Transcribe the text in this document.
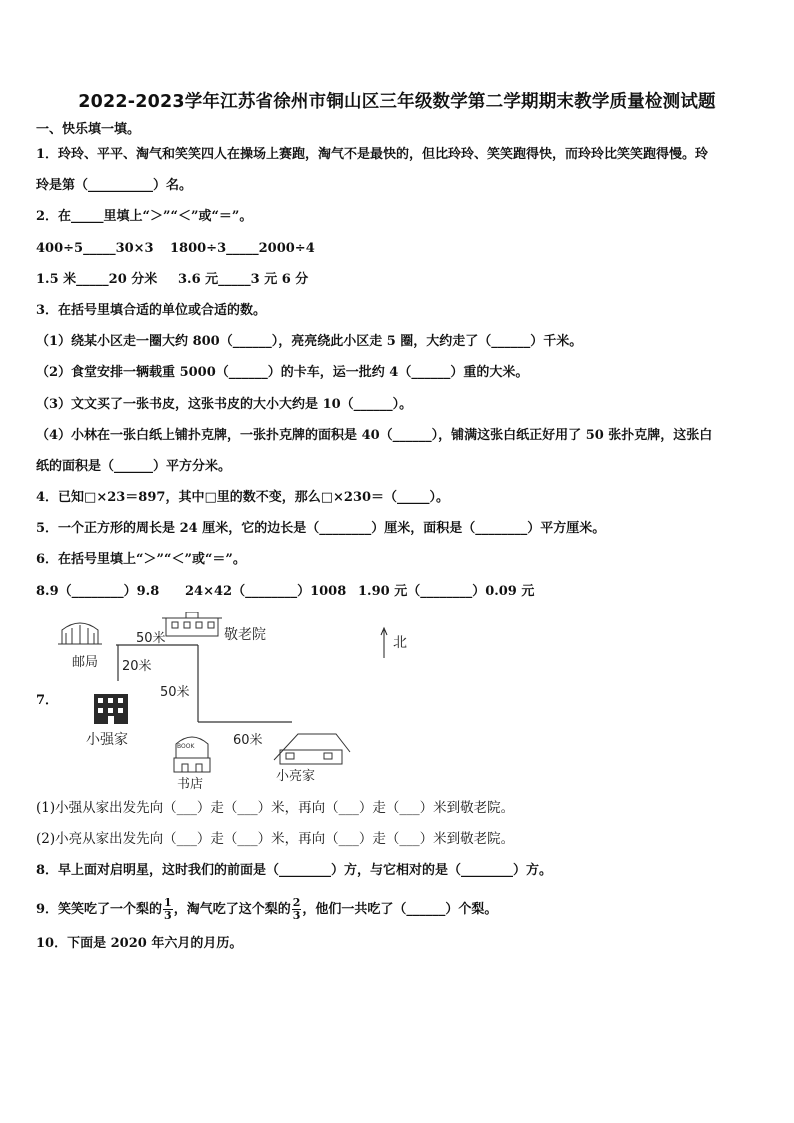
2022-2023学年江苏省徐州市铜山区三年级数学第二学期期末教学质量检测试题
一、快乐填一填。
1．玲玲、平平、淘气和笑笑四人在操场上赛跑，淘气不是最快的，但比玲玲、笑笑跑得快，而玲玲比笑笑跑得慢。玲
玲是第（__________）名。
2．在_____里填上“＞”“＜”或“＝”。
400÷5_____30×3 1800÷3_____2000÷4
1.5 米_____20 分米 3.6 元_____3 元 6 分
3．在括号里填合适的单位或合适的数。
（1）绕某小区走一圈大约 800（______），亮亮绕此小区走 5 圈，大约走了（______）千米。
（2）食堂安排一辆载重 5000（______）的卡车，运一批约 4（______）重的大米。
（3）文文买了一张书皮，这张书皮的大小大约是 10（______）。
（4）小林在一张白纸上铺扑克牌，一张扑克牌的面积是 40（______），铺满这张白纸正好用了 50 张扑克牌，这张白
纸的面积是（______）平方分米。
4．已知□×23＝897，其中□里的数不变，那么□×230＝（_____）。
5．一个正方形的周长是 24 厘米，它的边长是（________）厘米，面积是（________）平方厘米。
6．在括号里填上“＞”“＜”或“＝”。
8.9（________）9.8 24×42（________）1008 1.90 元（________）0.09 元
7．
邮局
敬老院
50米
20米
50米
60米
小强家	BOOK
书店
小亮家
北
(1)小强从家出发先向（___）走（___）米，再向（___）走（___）米到敬老院。
(2)小亮从家出发先向（___）走（___）米，再向（___）走（___）米到敬老院。
8．早上面对启明星，这时我们的前面是（________）方，与它相对的是（________）方。
9．笑笑吃了一个梨的 $\frac{1}{3}$ ，淘气吃了这个梨的 $\frac{2}{3}$ ，他们一共吃了（______）个梨。
10．下面是 2020 年六月的月历。
